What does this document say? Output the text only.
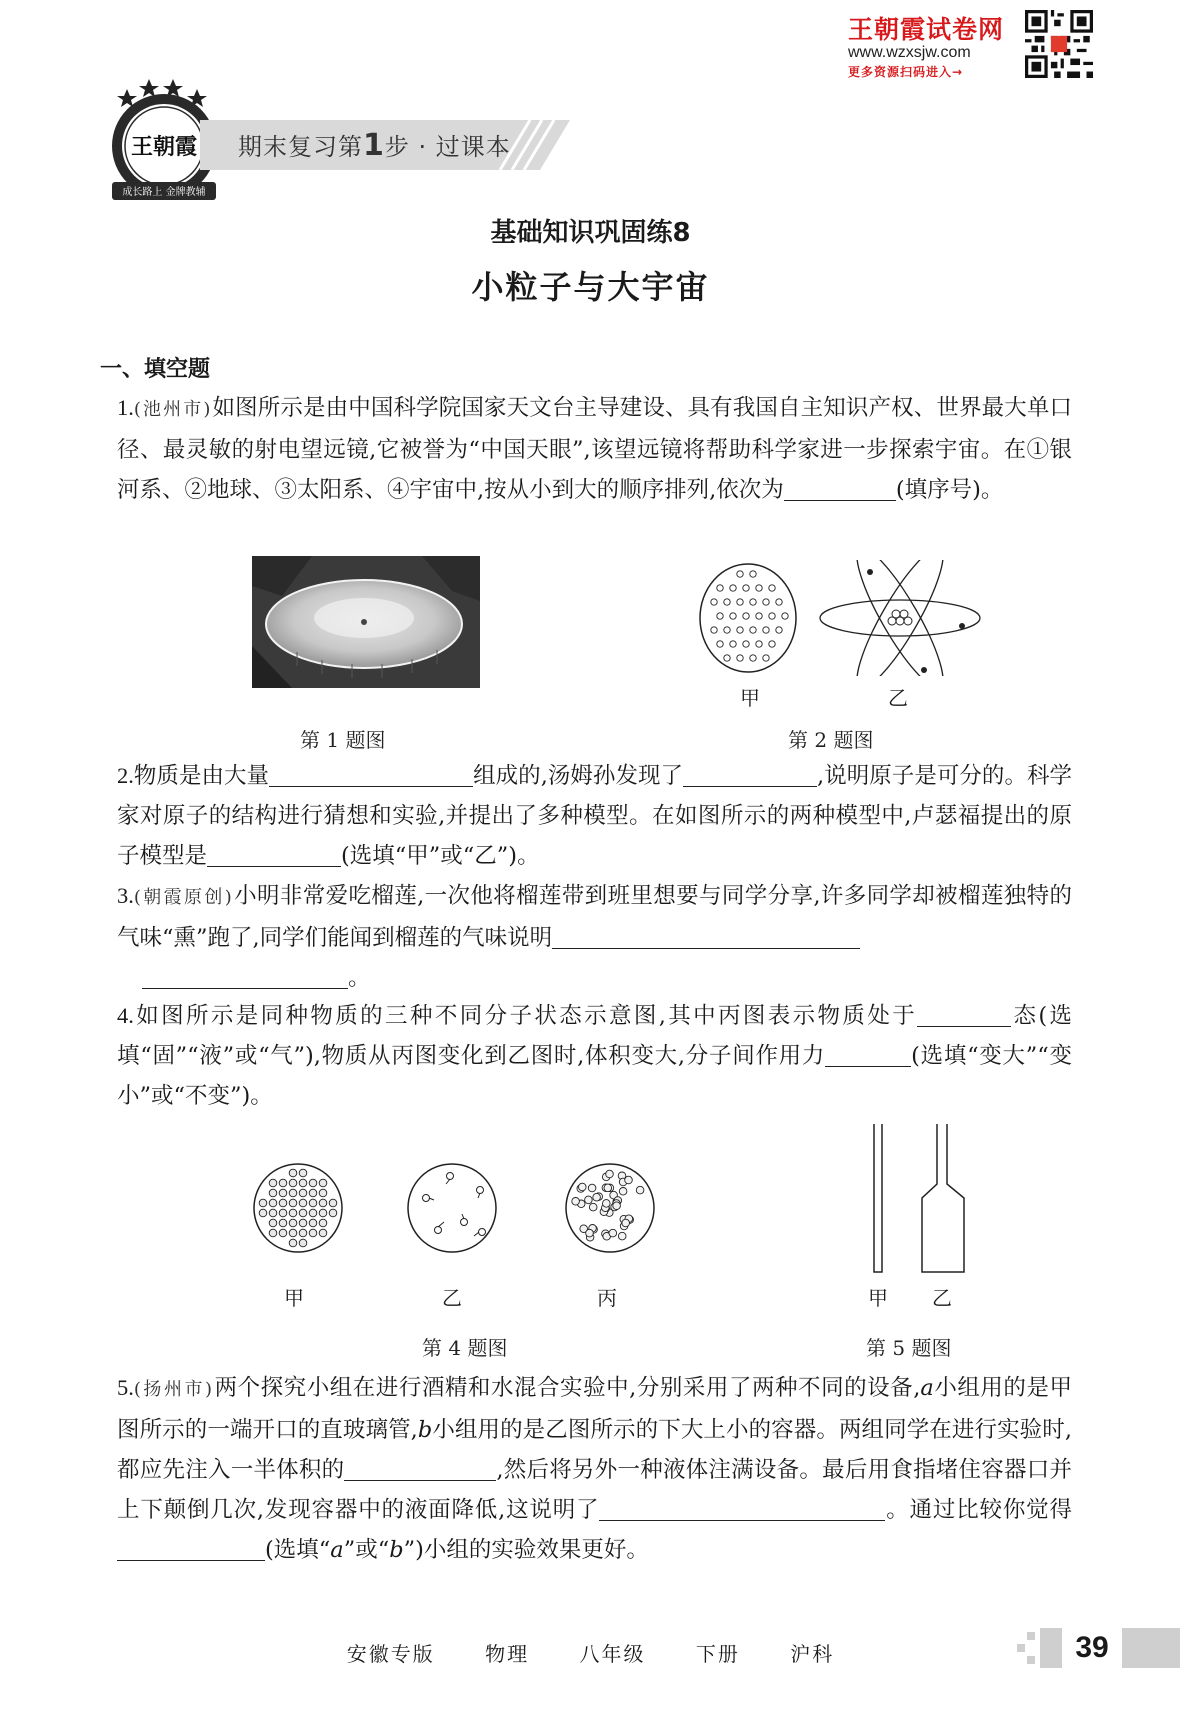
王朝霞试卷网
www.wzxsjw.com
更多资源扫码进入→
王朝霞
成长路上 金牌教辅
期末复习第1步 · 过课本
基础知识巩固练8
小粒子与大宇宙
一、填空题
1.(池州市)如图所示是由中国科学院国家天文台主导建设、具有我国自主知识产权、世界最大单口径、最灵敏的射电望远镜,它被誉为“中国天眼”,该望远镜将帮助科学家进一步探索宇宙。在①银河系、②地球、③太阳系、④宇宙中,按从小到大的顺序排列,依次为	(填序号)。
第 1 题图
甲	乙
第 2 题图
2.物质是由大量	组成的,汤姆孙发现了	,说明原子是可分的。科学家对原子的结构进行猜想和实验,并提出了多种模型。在如图所示的两种模型中,卢瑟福提出的原子模型是	(选填“甲”或“乙”)。
3.(朝霞原创)小明非常爱吃榴莲,一次他将榴莲带到班里想要与同学分享,许多同学却被榴莲独特的气味“熏”跑了,同学们能闻到榴莲的气味说明
。
4.如图所示是同种物质的三种不同分子状态示意图,其中丙图表示物质处于	态(选填“固”“液”或“气”),物质从丙图变化到乙图时,体积变大,分子间作用力	(选填“变大”“变小”或“不变”)。
甲	乙	丙
第 4 题图
甲 乙
第 5 题图
5.(扬州市)两个探究小组在进行酒精和水混合实验中,分别采用了两种不同的设备,a小组用的是甲图所示的一端开口的直玻璃管,b小组用的是乙图所示的下大上小的容器。两组同学在进行实验时,都应先注入一半体积的	,然后将另外一种液体注满设备。最后用食指堵住容器口并上下颠倒几次,发现容器中的液面降低,这说明了	。通过比较你觉得(选填“a”或“b”)小组的实验效果更好。
安徽专版	物理	八年级	下册	沪科	39
